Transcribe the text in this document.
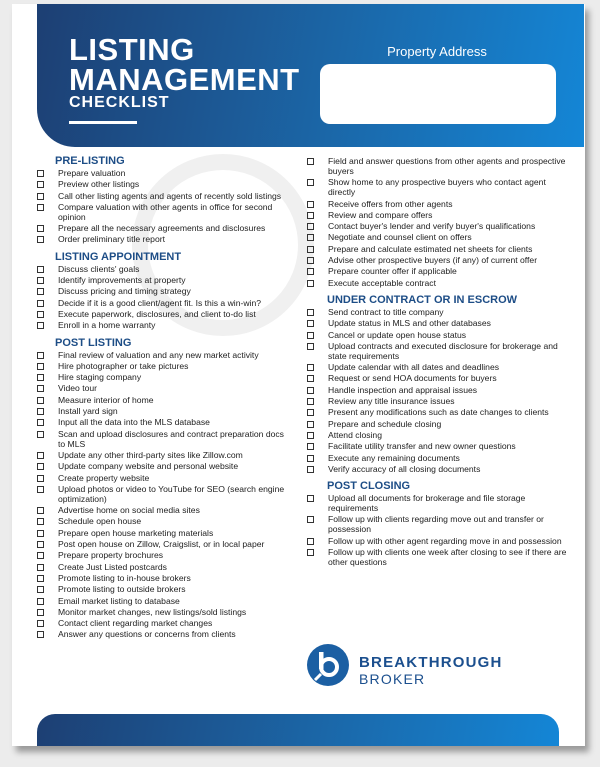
LISTING
MANAGEMENT
CHECKLIST
Property Address
PRE-LISTING
Prepare valuation
Preview other listings
Call other listing agents and agents of recently sold listings
Compare valuation with other agents in office for second opinion
Prepare all the necessary agreements and disclosures
Order preliminary title report
LISTING APPOINTMENT
Discuss clients' goals
Identify improvements at property
Discuss pricing and timing strategy
Decide if it is a good client/agent fit. Is this a win-win?
Execute paperwork, disclosures, and client to-do list
Enroll in a home warranty
POST LISTING
Final review of valuation and any new market activity
Hire photographer or take pictures
Hire staging company
Video tour
Measure interior of home
Install yard sign
Input all the data into the MLS database
Scan and upload disclosures and contract preparation docs to MLS
Update any other third-party sites like Zillow.com
Update company website and personal website
Create property website
Upload photos or video to YouTube for SEO (search engine optimization)
Advertise home on social media sites
Schedule open house
Prepare open house marketing materials
Post open house on Zillow, Craigslist, or in local paper
Prepare property brochures
Create Just Listed postcards
Promote listing to in-house brokers
Promote listing to outside brokers
Email market listing to database
Monitor market changes, new listings/sold listings
Contact client regarding market changes
Answer any questions or concerns from clients
Field and answer questions from other agents and prospective buyers
Show home to any prospective buyers who contact agent directly
Receive offers from other agents
Review and compare offers
Contact buyer's lender and verify buyer's qualifications
Negotiate and counsel client on offers
Prepare and calculate estimated net sheets for clients
Advise other prospective buyers (if any) of current offer
Prepare counter offer if applicable
Execute acceptable contract
UNDER CONTRACT OR IN ESCROW
Send contract to title company
Update status in MLS and other databases
Cancel or update open house status
Upload contracts and executed disclosure for brokerage and state requirements
Update calendar with all dates and deadlines
Request or send HOA documents for buyers
Handle inspection and appraisal issues
Review any title insurance issues
Present any modifications such as date changes to clients
Prepare and schedule closing
Attend closing
Facilitate utility transfer and new owner questions
Execute any remaining documents
Verify accuracy of all closing documents
POST CLOSING
Upload all documents for brokerage and file storage requirements
Follow up with clients regarding move out and transfer or possession
Follow up with other agent regarding move in and possession
Follow up with clients one week after closing to see if there are other questions
BREAKTHROUGH
BROKER
